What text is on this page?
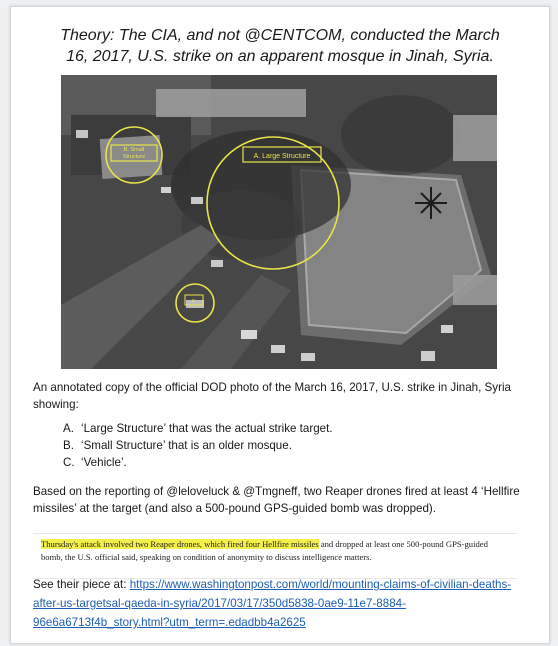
Theory: The CIA, and not @CENTCOM, conducted the March 16, 2017, U.S. strike on an apparent mosque in Jinah, Syria.
B. Small
Structure	A. Large Structure
C.
An annotated copy of the official DOD photo of the March 16, 2017, U.S. strike in Jinah, Syria showing:
A. ‘Large Structure’ that was the actual strike target.
B. ‘Small Structure’ that is an older mosque.
C. ‘Vehicle’.
Based on the reporting of @leloveluck & @Tmgneff, two Reaper drones fired at least 4 ‘Hellfire missiles’ at the target (and also a 500-pound GPS-guided bomb was dropped).
Thursday's attack involved two Reaper drones, which fired four Hellfire missiles and dropped at least one 500-pound GPS-guided bomb, the U.S. official said, speaking on condition of anonymity to discuss intelligence matters.
See their piece at: https://www.washingtonpost.com/world/mounting-claims-of-civilian-deaths-after-us-targetsal-qaeda-in-syria/2017/03/17/350d5838-0ae9-11e7-8884-96e6a6713f4b_story.html?utm_term=.edadbb4a2625
